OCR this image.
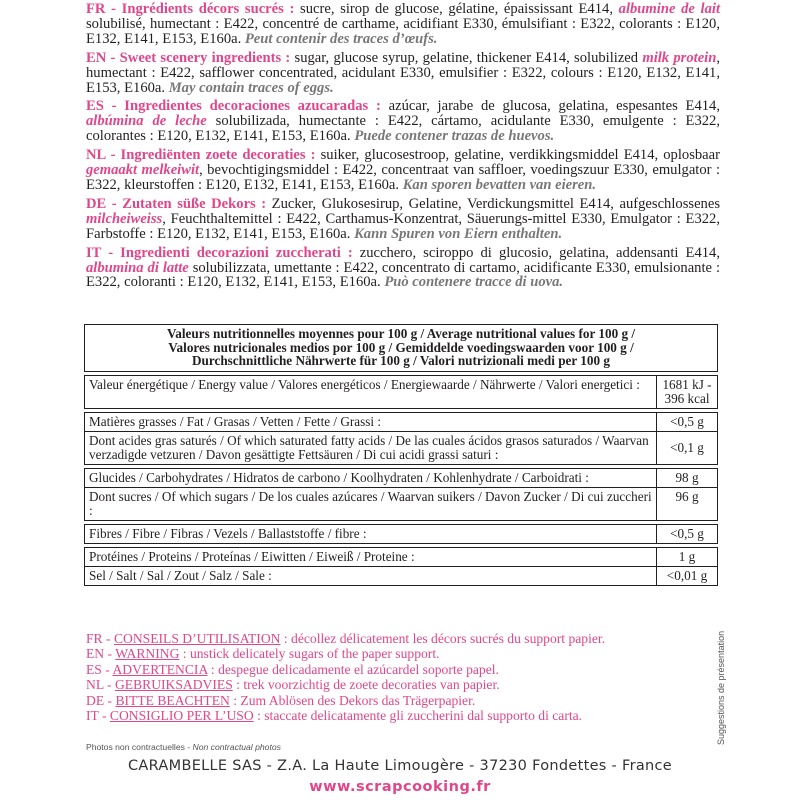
FR - Ingrédients décors sucrés : sucre, sirop de glucose, gélatine, épaississant E414, albumine de lait solubilisé, humectant : E422, concentré de carthame, acidifiant E330, émulsifiant : E322, colorants : E120, E132, E141, E153, E160a. Peut contenir des traces d’œufs.
EN - Sweet scenery ingredients : sugar, glucose syrup, gelatine, thickener E414, solubilized milk protein, humectant : E422, safflower concentrated, acidulant E330, emulsifier : E322, colours : E120, E132, E141, E153, E160a. May contain traces of eggs.
ES - Ingredientes decoraciones azucaradas : azúcar, jarabe de glucosa, gelatina, espesantes E414, albúmina de leche solubilizada, humectante : E422, cártamo, acidulante E330, emulgente : E322, colorantes : E120, E132, E141, E153, E160a. Puede contener trazas de huevos.
NL - Ingrediënten zoete decoraties : suiker, glucosestroop, gelatine, verdikkingsmiddel E414, oplosbaar gemaakt melkeiwit, bevochtigingsmiddel : E422, concentraat van saffloer, voedingszuur E330, emulgator : E322, kleurstoffen : E120, E132, E141, E153, E160a. Kan sporen bevatten van eieren.
DE - Zutaten süße Dekors : Zucker, Glukosesirup, Gelatine, Verdickungsmittel E414, aufgeschlossenes milcheiweiss, Feuchthaltemittel : E422, Carthamus-Konzentrat, Säuerungs-mittel E330, Emulgator : E322, Farbstoffe : E120, E132, E141, E153, E160a. Kann Spuren von Eiern enthalten.
IT - Ingredienti decorazioni zuccherati : zucchero, sciroppo di glucosio, gelatina, addensanti E414, albumina di latte solubilizzata, umettante : E422, concentrato di cartamo, acidificante E330, emulsionante : E322, coloranti : E120, E132, E141, E153, E160a. Può contenere tracce di uova.
Valeurs nutritionnelles moyennes pour 100 g / Average nutritional values for 100 g /
Valores nutricionales medios por 100 g / Gemiddelde voedingswaarden voor 100 g /
Durchschnittliche Nährwerte für 100 g / Valori nutrizionali medi per 100 g	

Valeur énergétique / Energy value / Valores energéticos / Energiewaarde / Nährwerte / Valori energetici :	1681 kJ -
396 kcal

Matières grasses / Fat / Grasas / Vetten / Fette / Grassi :	<0,5 g
Dont acides gras saturés / Of which saturated fatty acids / De las cuales ácidos grasos saturados / Waarvan verzadigde vetzuren / Davon gesättigte Fettsäuren / Di cui acidi grassi saturi :	<0,1 g

Glucides / Carbohydrates / Hidratos de carbono / Koolhydraten / Kohlenhydrate / Carboidrati :	98 g
Dont sucres / Of which sugars / De los cuales azúcares / Waarvan suikers / Davon Zucker / Di cui zuccheri :	96 g

Fibres / Fibre / Fibras / Vezels / Ballaststoffe / fibre :	<0,5 g

Protéines / Proteins / Proteínas / Eiwitten / Eiweiß / Proteine :	1 g
Sel / Salt / Sal / Zout / Salz / Sale :	<0,01 g
FR - CONSEILS D’UTILISATION : décollez délicatement les décors sucrés du support papier.
EN - WARNING : unstick delicately sugars of the paper support.
ES - ADVERTENCIA : despegue delicadamente el azúcardel soporte papel.
NL - GEBRUIKSADVIES : trek voorzichtig de zoete decoraties van papier.
DE - BITTE BEACHTEN : Zum Ablösen des Dekors das Trägerpapier.
IT - CONSIGLIO PER L’USO : staccate delicatamente gli zuccherini dal supporto di carta.	Suggestions de présentation
Photos non contractuelles - Non contractual photos
CARAMBELLE SAS - Z.A. La Haute Limougère - 37230 Fondettes - France
www.scrapcooking.fr
